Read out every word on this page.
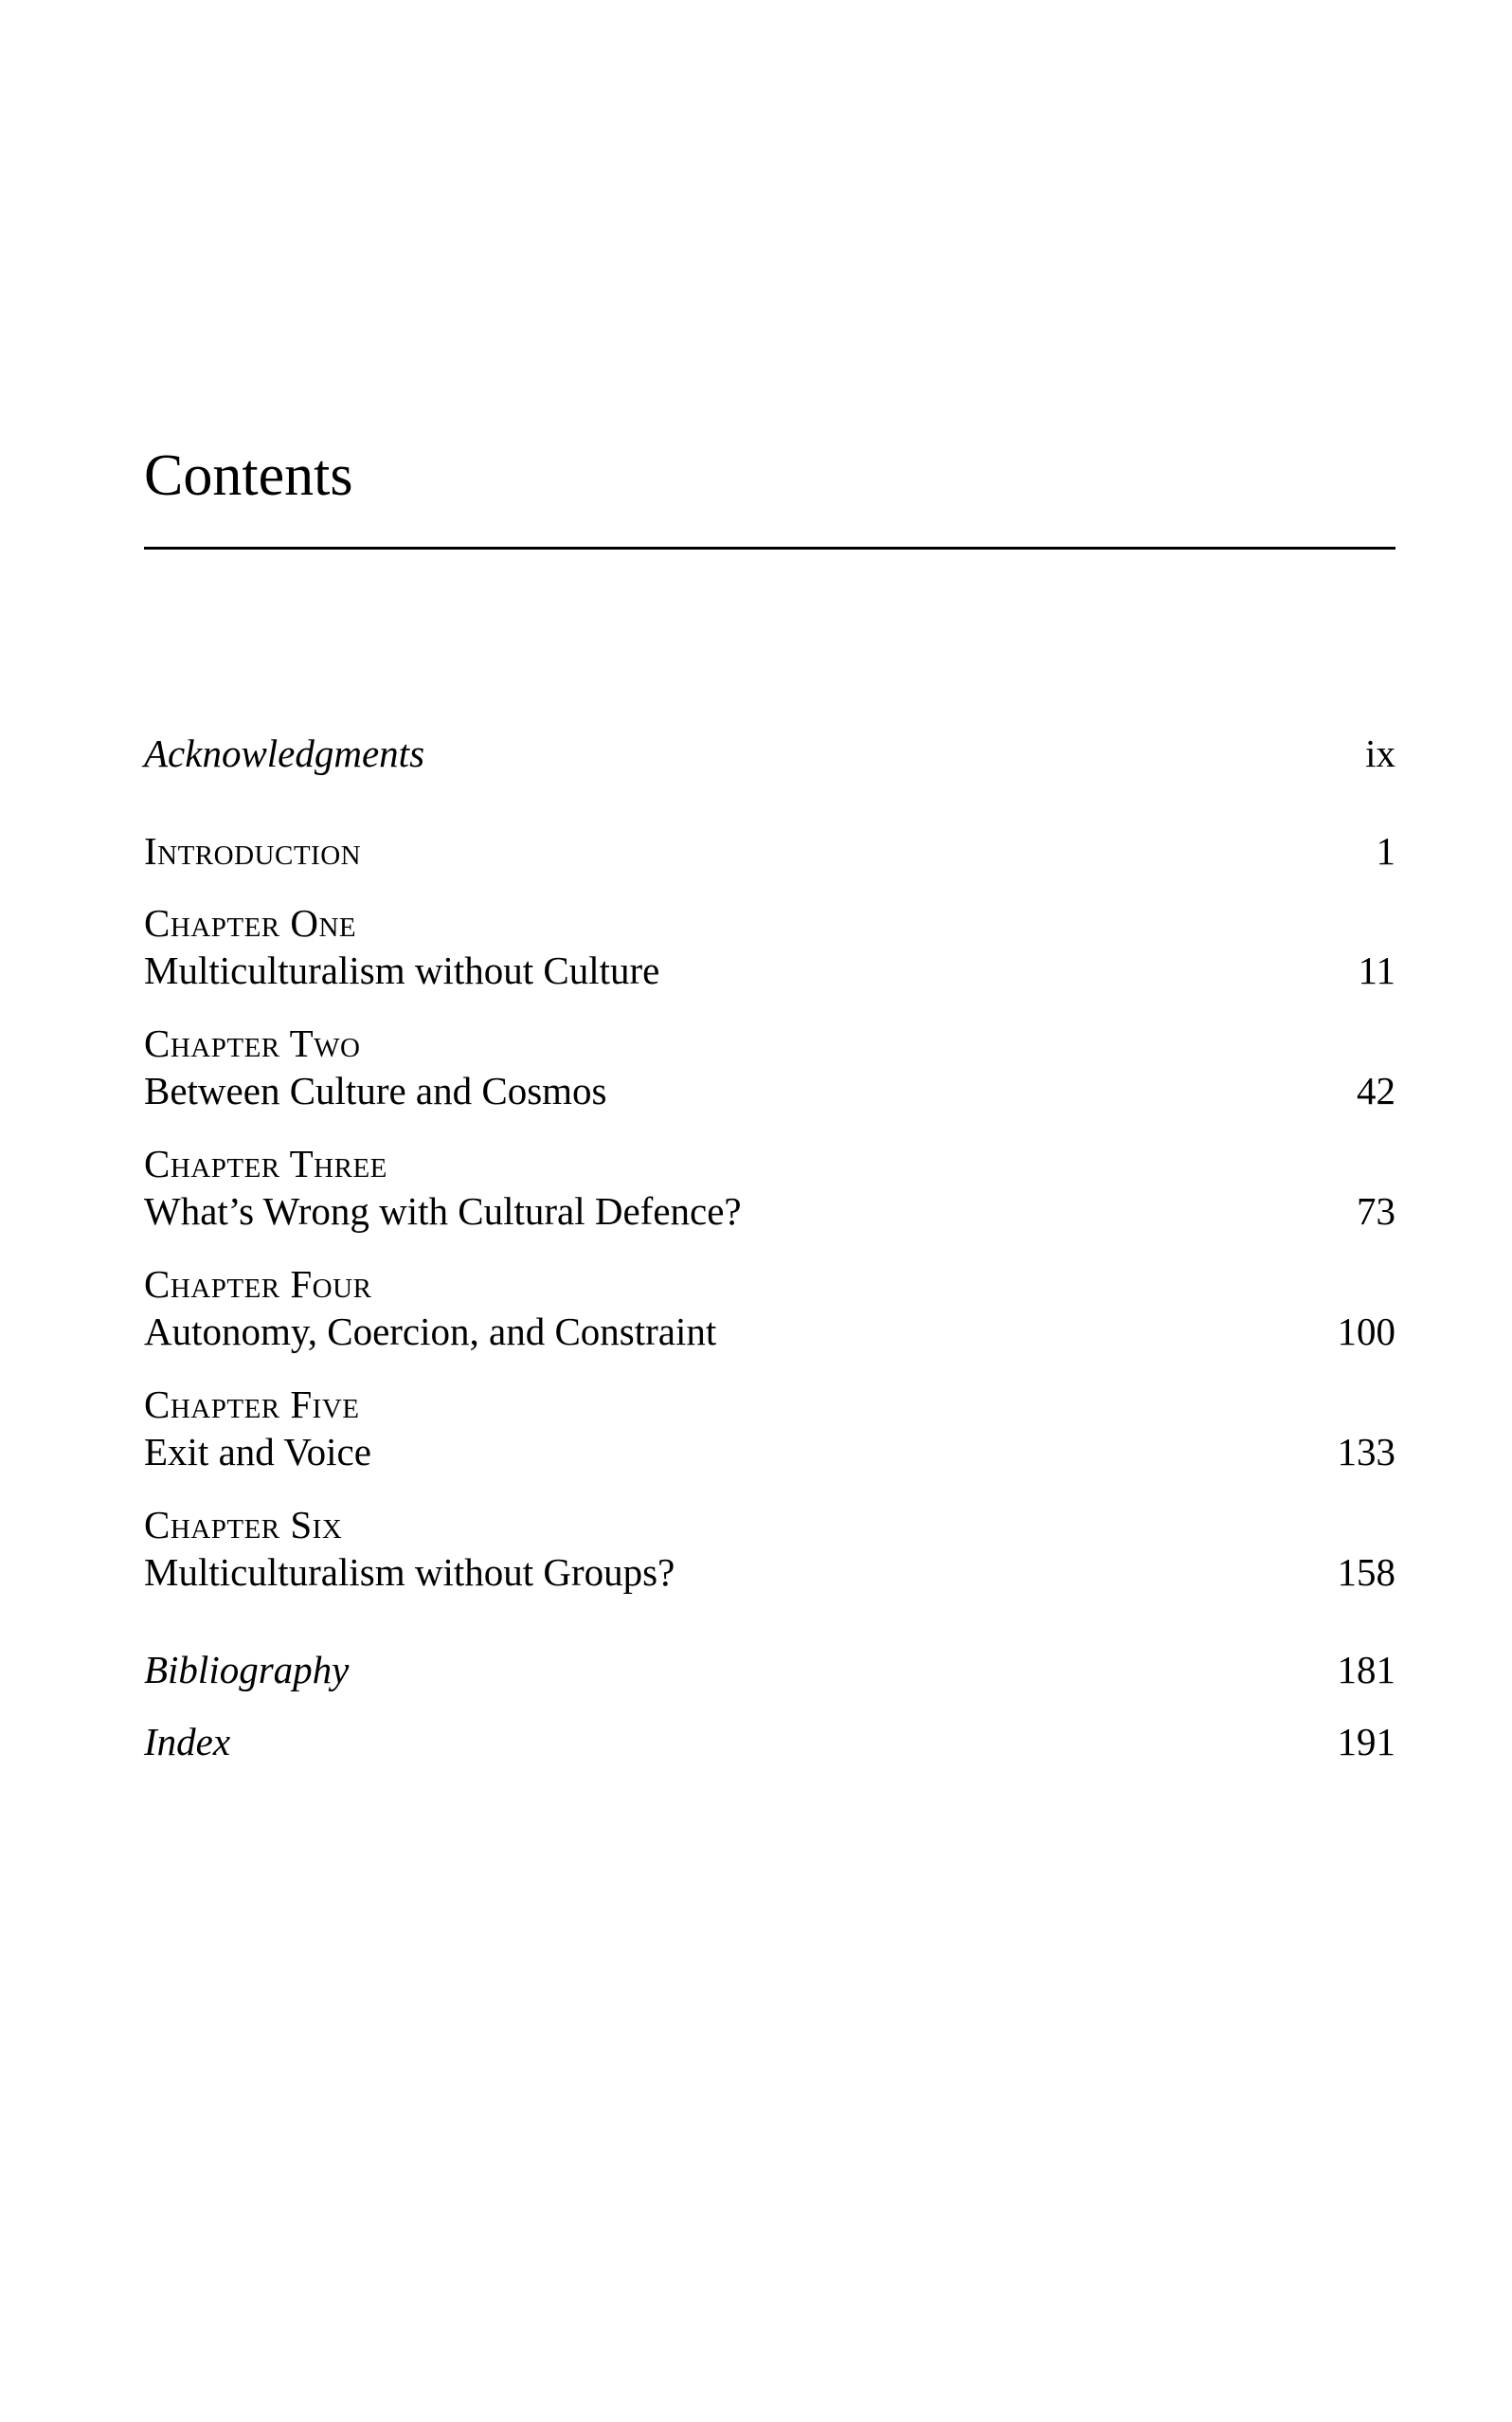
Contents
Acknowledgments	ix
Introduction	1
Chapter One
Multiculturalism without Culture	11
Chapter Two
Between Culture and Cosmos	42
Chapter Three
What’s Wrong with Cultural Defence?	73
Chapter Four
Autonomy, Coercion, and Constraint	100
Chapter Five
Exit and Voice	133
Chapter Six
Multiculturalism without Groups?	158
Bibliography	181
Index	191
